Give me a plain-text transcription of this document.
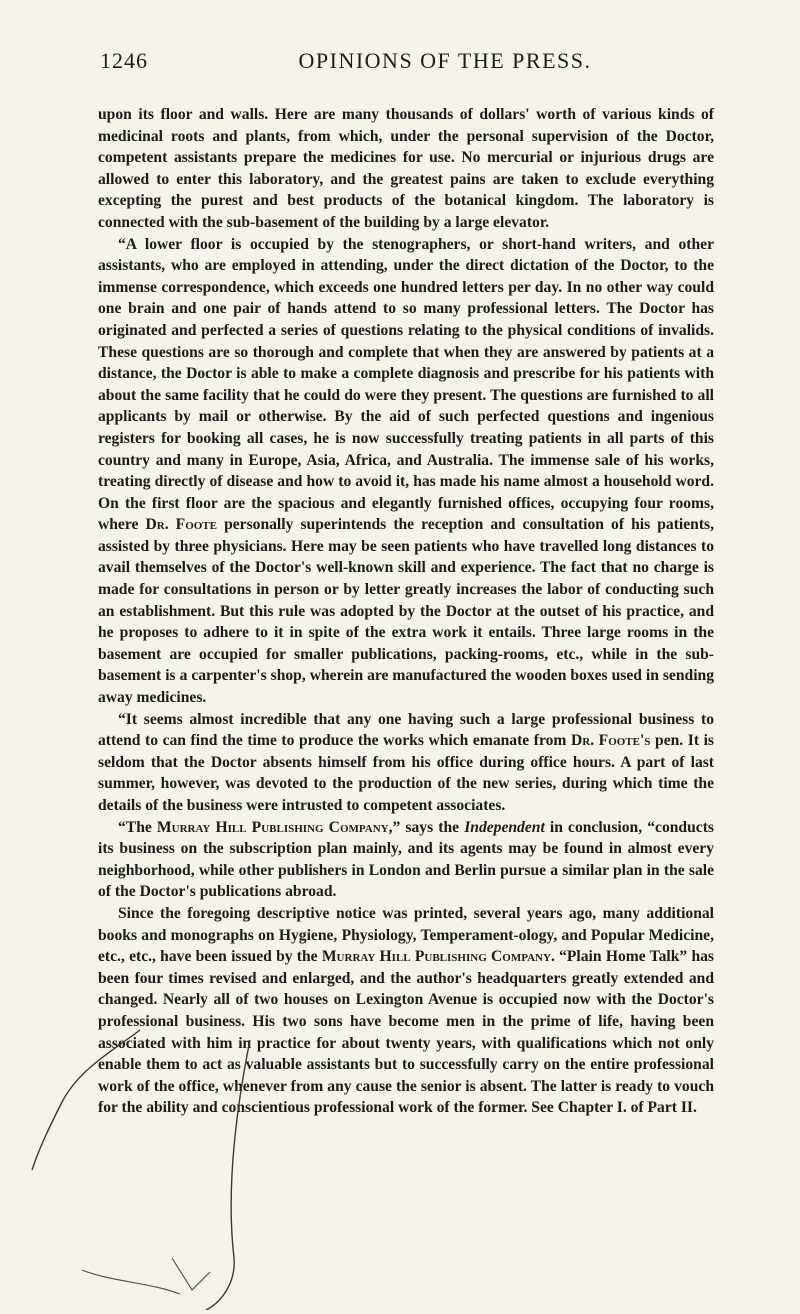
1246	OPINIONS OF THE PRESS.

upon its floor and walls. Here are many thousands of dollars' worth of various kinds of medicinal roots and plants, from which, under the personal supervision of the Doctor, competent assistants prepare the medicines for use. No mercurial or injurious drugs are allowed to enter this laboratory, and the greatest pains are taken to exclude everything excepting the purest and best products of the botanical kingdom. The laboratory is connected with the sub-basement of the building by a large elevator.

“A lower floor is occupied by the stenographers, or short-hand writers, and other assistants, who are employed in attending, under the direct dictation of the Doctor, to the immense correspondence, which exceeds one hundred letters per day. In no other way could one brain and one pair of hands attend to so many professional letters. The Doctor has originated and perfected a series of questions relating to the physical conditions of invalids. These questions are so thorough and complete that when they are answered by patients at a distance, the Doctor is able to make a complete diagnosis and prescribe for his patients with about the same facility that he could do were they present. The questions are furnished to all applicants by mail or otherwise. By the aid of such perfected questions and ingenious registers for booking all cases, he is now successfully treating patients in all parts of this country and many in Europe, Asia, Africa, and Australia. The immense sale of his works, treating directly of disease and how to avoid it, has made his name almost a household word. On the first floor are the spacious and elegantly furnished offices, occupying four rooms, where Dr. Foote personally superintends the reception and consultation of his patients, assisted by three physicians. Here may be seen patients who have travelled long distances to avail themselves of the Doctor's well-known skill and experience. The fact that no charge is made for consultations in person or by letter greatly increases the labor of conducting such an establishment. But this rule was adopted by the Doctor at the outset of his practice, and he proposes to adhere to it in spite of the extra work it entails. Three large rooms in the basement are occupied for smaller publications, packing-rooms, etc., while in the sub-basement is a carpenter's shop, wherein are manufactured the wooden boxes used in sending away medicines.

“It seems almost incredible that any one having such a large professional business to attend to can find the time to produce the works which emanate from Dr. Foote's pen. It is seldom that the Doctor absents himself from his office during office hours. A part of last summer, however, was devoted to the production of the new series, during which time the details of the business were intrusted to competent associates.

“The Murray Hill Publishing Company,” says the Independent in conclusion, “conducts its business on the subscription plan mainly, and its agents may be found in almost every neighborhood, while other publishers in London and Berlin pursue a similar plan in the sale of the Doctor's publications abroad.

Since the foregoing descriptive notice was printed, several years ago, many additional books and monographs on Hygiene, Physiology, Temperament-ology, and Popular Medicine, etc., etc., have been issued by the Murray Hill Publishing Company. “Plain Home Talk” has been four times revised and enlarged, and the author's headquarters greatly extended and changed. Nearly all of two houses on Lexington Avenue is occupied now with the Doctor's professional business. His two sons have become men in the prime of life, having been associated with him in practice for about twenty years, with qualifications which not only enable them to act as valuable assistants but to successfully carry on the entire professional work of the office, whenever from any cause the senior is absent. The latter is ready to vouch for the ability and conscientious professional work of the former. See Chapter I. of Part II.
